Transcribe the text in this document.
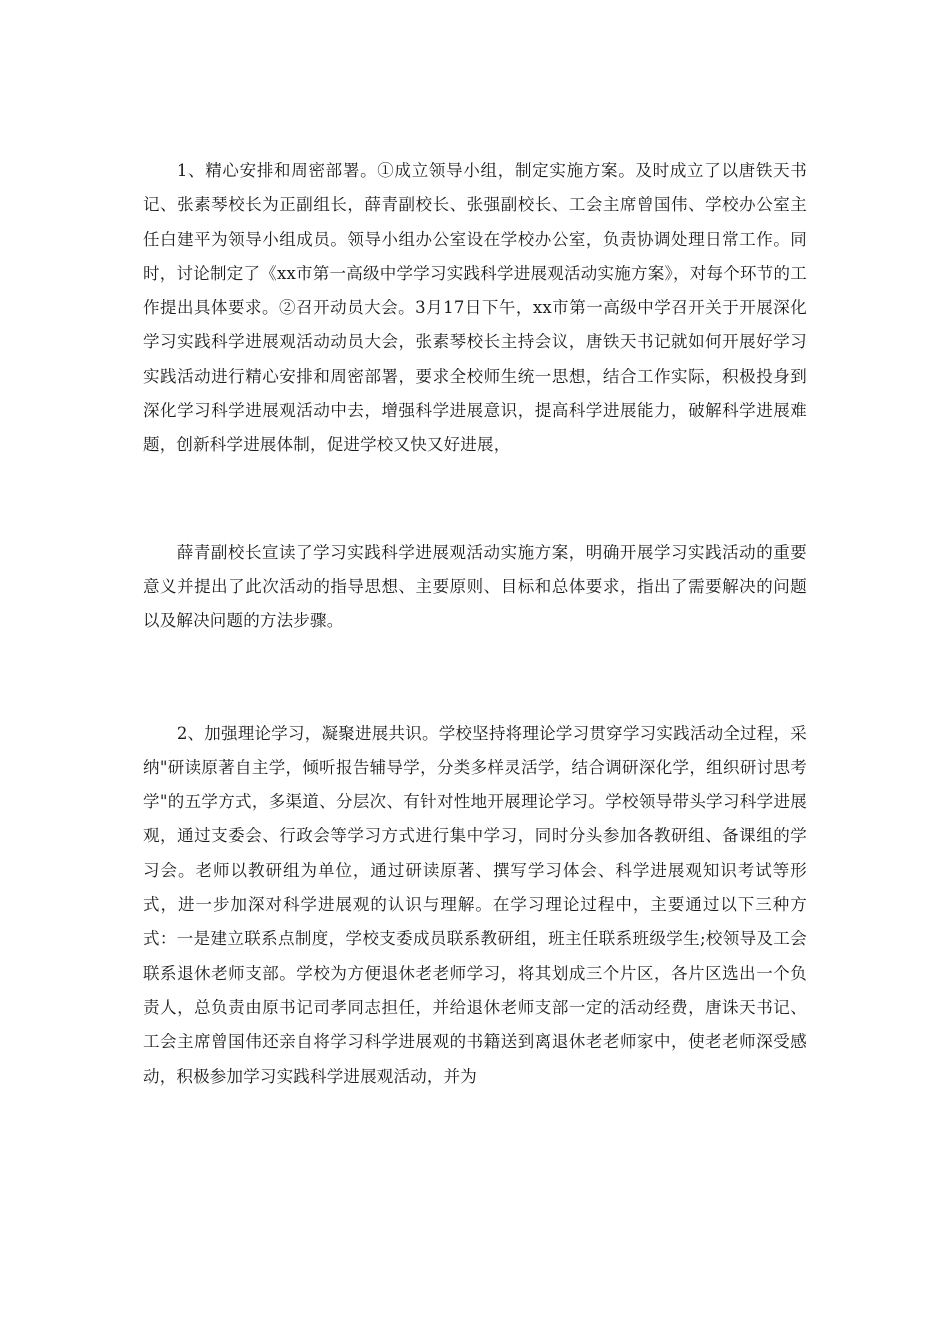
1、精心安排和周密部署。①成立领导小组，制定实施方案。及时成立了以唐铁天书记、张素琴校长为正副组长，薛青副校长、张强副校长、工会主席曾国伟、学校办公室主任白建平为领导小组成员。领导小组办公室设在学校办公室，负责协调处理日常工作。同时，讨论制定了《xx市第一高级中学学习实践科学进展观活动实施方案》，对每个环节的工作提出具体要求。②召开动员大会。3月17日下午，xx市第一高级中学召开关于开展深化学习实践科学进展观活动动员大会，张素琴校长主持会议，唐铁天书记就如何开展好学习实践活动进行精心安排和周密部署，要求全校师生统一思想，结合工作实际，积极投身到深化学习科学进展观活动中去，增强科学进展意识，提高科学进展能力，破解科学进展难题，创新科学进展体制，促进学校又快又好进展，

薛青副校长宣读了学习实践科学进展观活动实施方案，明确开展学习实践活动的重要意义并提出了此次活动的指导思想、主要原则、目标和总体要求，指出了需要解决的问题以及解决问题的方法步骤。

2、加强理论学习，凝聚进展共识。学校坚持将理论学习贯穿学习实践活动全过程，采纳"研读原著自主学，倾听报告辅导学，分类多样灵活学，结合调研深化学，组织研讨思考学"的五学方式，多渠道、分层次、有针对性地开展理论学习。学校领导带头学习科学进展观，通过支委会、行政会等学习方式进行集中学习，同时分头参加各教研组、备课组的学习会。老师以教研组为单位，通过研读原著、撰写学习体会、科学进展观知识考试等形式，进一步加深对科学进展观的认识与理解。在学习理论过程中，主要通过以下三种方式：一是建立联系点制度，学校支委成员联系教研组，班主任联系班级学生;校领导及工会联系退休老师支部。学校为方便退休老老师学习，将其划成三个片区，各片区选出一个负责人，总负责由原书记司孝同志担任，并给退休老师支部一定的活动经费，唐诛天书记、工会主席曾国伟还亲自将学习科学进展观的书籍送到离退休老老师家中，使老老师深受感动，积极参加学习实践科学进展观活动，并为
